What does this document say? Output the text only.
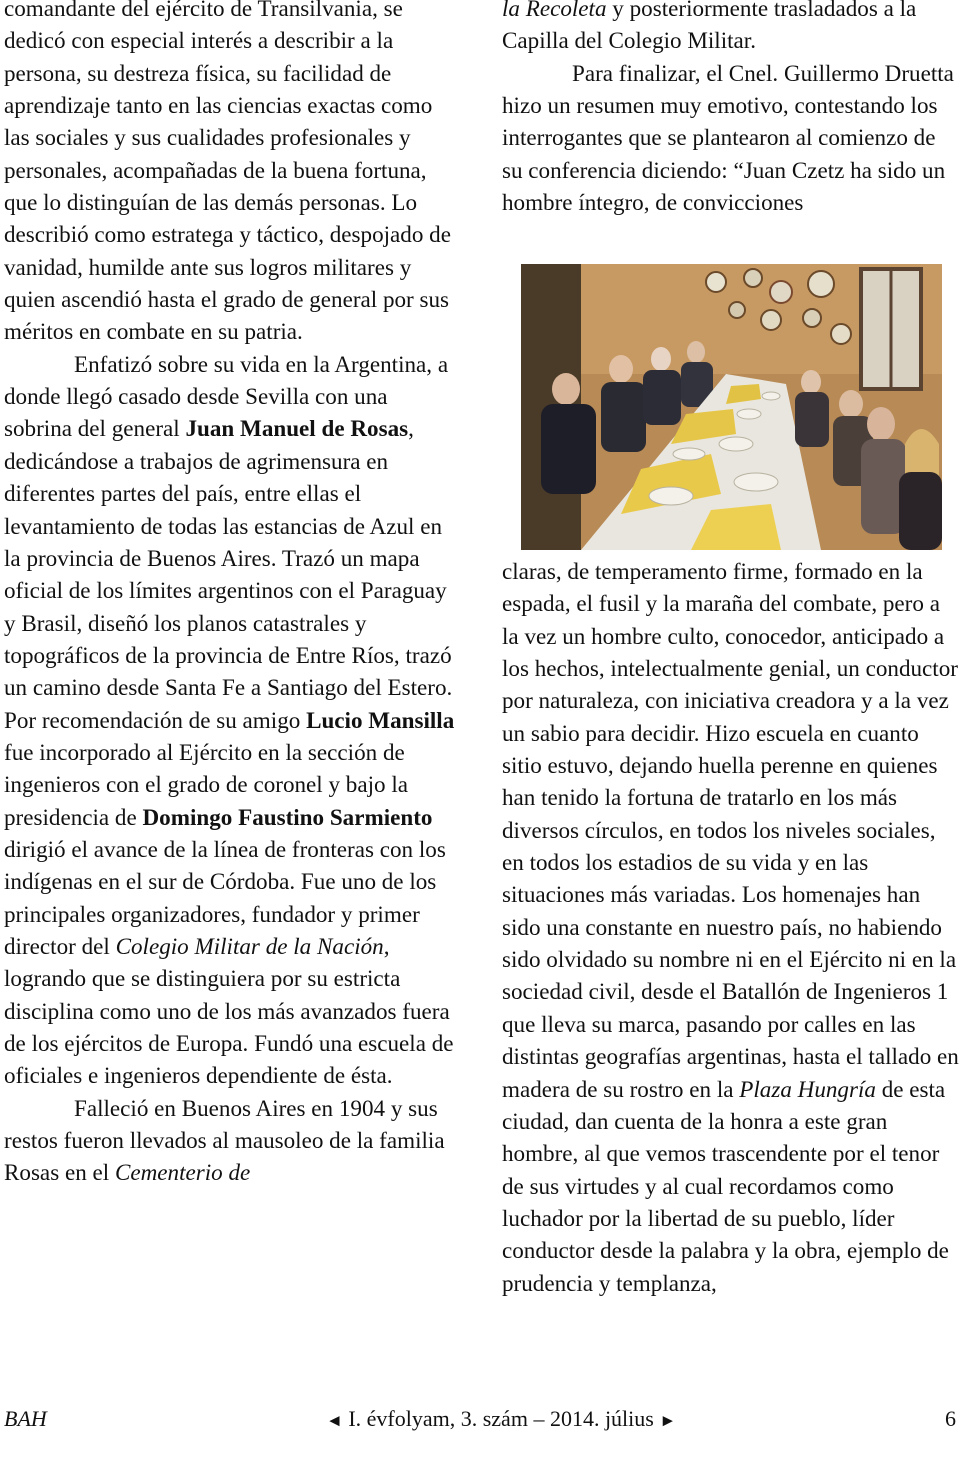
comandante del ejército de Transilvania, se dedicó con especial interés a describir a la persona, su destreza física, su facilidad de aprendizaje tanto en las ciencias exactas como las sociales y sus cualidades profesionales y personales, acompañadas de la buena fortuna, que lo distinguían de las demás personas. Lo describió como estratega y táctico, despojado de vanidad, humilde ante sus logros militares y quien ascendió hasta el grado de general por sus méritos en combate en su patria.

Enfatizó sobre su vida en la Argentina, a donde llegó casado desde Sevilla con una sobrina del general Juan Manuel de Rosas, dedicándose a trabajos de agrimensura en diferentes partes del país, entre ellas el levantamiento de todas las estancias de Azul en la provincia de Buenos Aires. Trazó un mapa oficial de los límites argentinos con el Paraguay y Brasil, diseñó los planos catastrales y topográficos de la provincia de Entre Ríos, trazó un camino desde Santa Fe a Santiago del Estero. Por recomendación de su amigo Lucio Mansilla fue incorporado al Ejército en la sección de ingenieros con el grado de coronel y bajo la presidencia de Domingo Faustino Sarmiento dirigió el avance de la línea de fronteras con los indígenas en el sur de Córdoba. Fue uno de los principales organizadores, fundador y primer director del Colegio Militar de la Nación, logrando que se distinguiera por su estricta disciplina como uno de los más avanzados fuera de los ejércitos de Europa. Fundó una escuela de oficiales e ingenieros dependiente de ésta.

Falleció en Buenos Aires en 1904 y sus restos fueron llevados al mausoleo de la familia Rosas en el Cementerio de

la Recoleta y posteriormente trasladados a la Capilla del Colegio Militar.

Para finalizar, el Cnel. Guillermo Druetta hizo un resumen muy emotivo, contestando los interrogantes que se plantearon al comienzo de su conferencia diciendo: “Juan Czetz ha sido un hombre íntegro, de convicciones

claras, de temperamento firme, formado en la espada, el fusil y la maraña del combate, pero a la vez un hombre culto, conocedor, anticipado a los hechos, intelectualmente genial, un conductor por naturaleza, con iniciativa creadora y a la vez un sabio para decidir. Hizo escuela en cuanto sitio estuvo, dejando huella perenne en quienes han tenido la fortuna de tratarlo en los más diversos círculos, en todos los niveles sociales, en todos los estadios de su vida y en las situaciones más variadas. Los homenajes han sido una constante en nuestro país, no habiendo sido olvidado su nombre ni en el Ejército ni en la sociedad civil, desde el Batallón de Ingenieros 1 que lleva su marca, pasando por calles en las distintas geografías argentinas, hasta el tallado en madera de su rostro en la Plaza Hungría de esta ciudad, dan cuenta de la honra a este gran hombre, al que vemos trascendente por el tenor de sus virtudes y al cual recordamos como luchador por la libertad de su pueblo, líder conductor desde la palabra y la obra, ejemplo de prudencia y templanza,

BAH	◄ I. évfolyam, 3. szám – 2014. július ►	6
